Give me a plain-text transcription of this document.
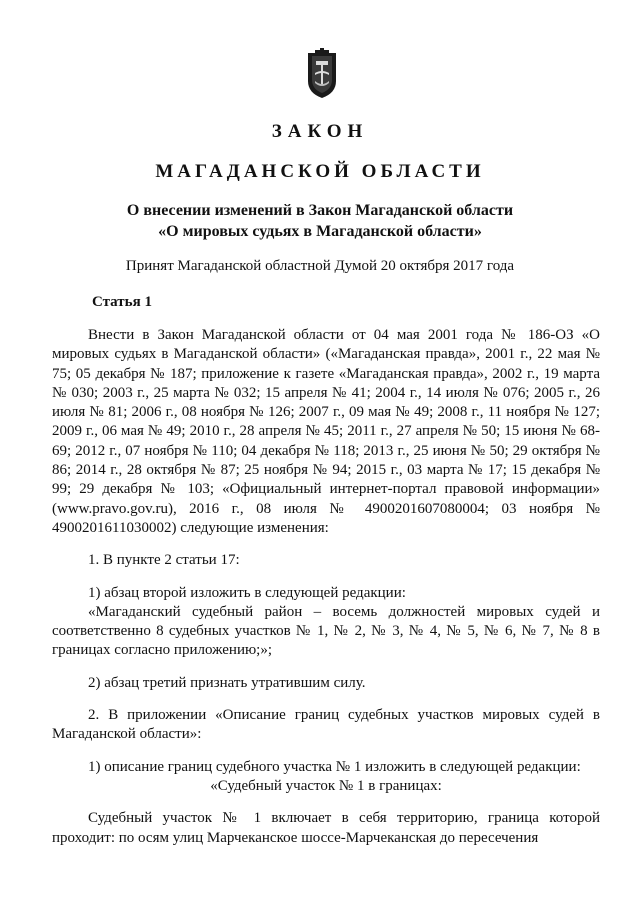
ЗАКОН
МАГАДАНСКОЙ ОБЛАСТИ
О внесении изменений в Закон Магаданской области
«О мировых судьях в Магаданской области»
Принят Магаданской областной Думой 20 октября 2017 года
Статья 1

Внести в Закон Магаданской области от 04 мая 2001 года № 186-ОЗ «О мировых судьях в Магаданской области» («Магаданская правда», 2001 г., 22 мая № 75; 05 декабря № 187; приложение к газете «Магаданская правда», 2002 г., 19 марта № 030; 2003 г., 25 марта № 032; 15 апреля № 41; 2004 г., 14 июля № 076; 2005 г., 26 июля № 81; 2006 г., 08 ноября № 126; 2007 г., 09 мая № 49; 2008 г., 11 ноября № 127; 2009 г., 06 мая № 49; 2010 г., 28 апреля № 45; 2011 г., 27 апреля № 50; 15 июня № 68-69; 2012 г., 07 ноября № 110; 04 декабря № 118; 2013 г., 25 июня № 50; 29 октября № 86; 2014 г., 28 октября № 87; 25 ноября № 94; 2015 г., 03 марта № 17; 15 декабря № 99; 29 декабря № 103; «Официальный интернет-портал правовой информации» (www.pravo.gov.ru), 2016 г., 08 июля № 4900201607080004; 03 ноября № 4900201611030002) следующие изменения:

1. В пункте 2 статьи 17:

1) абзац второй изложить в следующей редакции:

«Магаданский судебный район – восемь должностей мировых судей и соответственно 8 судебных участков № 1, № 2, № 3, № 4, № 5, № 6, № 7, № 8 в границах согласно приложению;»;

2) абзац третий признать утратившим силу.

2. В приложении «Описание границ судебных участков мировых судей в Магаданской области»:

1) описание границ судебного участка № 1 изложить в следующей редакции:

«Судебный участок № 1 в границах:

Судебный участок № 1 включает в себя территорию, граница которой проходит: по осям улиц Марчеканское шоссе-Марчеканская до пересечения
